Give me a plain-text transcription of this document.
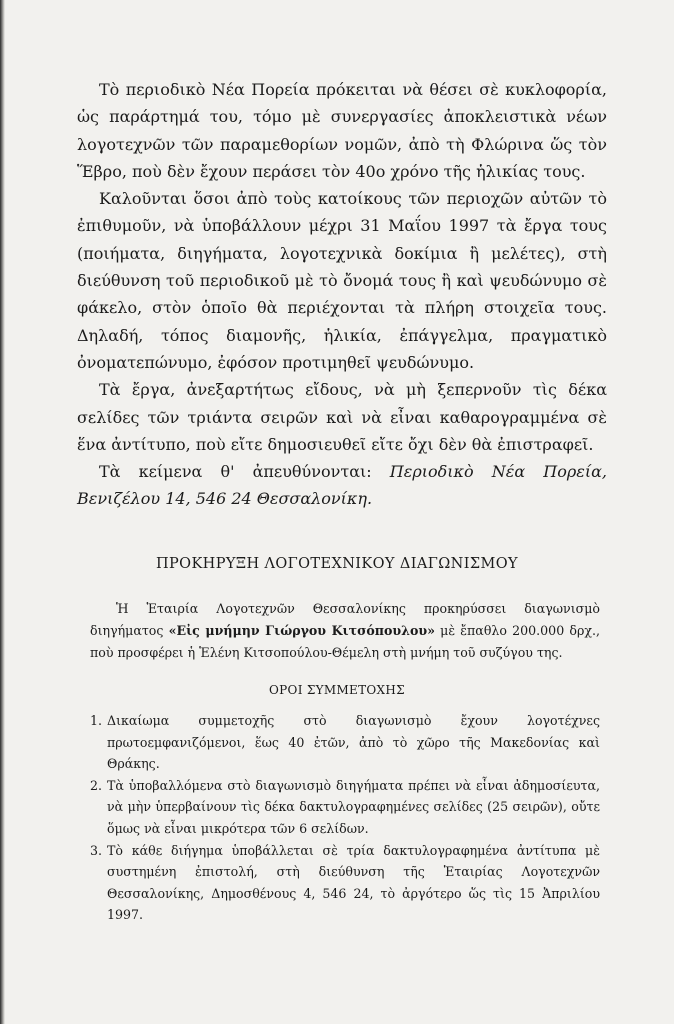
Τὸ περιοδικὸ Νέα Πορεία πρόκειται νὰ θέσει σὲ κυκλοφορία, ὡς παράρτημά του, τόμο μὲ συνεργασίες ἀποκλειστικὰ νέων λογοτεχνῶν τῶν παραμεθορίων νομῶν, ἀπὸ τὴ Φλώρινα ὥς τὸν Ἕβρο, ποὺ δὲν ἔχουν περάσει τὸν 40ο χρόνο τῆς ἡλικίας τους.

Καλοῦνται ὅσοι ἀπὸ τοὺς κατοίκους τῶν περιοχῶν αὐτῶν τὸ ἐπιθυμοῦν, νὰ ὑποβάλλουν μέχρι 31 Μαΐου 1997 τὰ ἔργα τους (ποιήματα, διηγήματα, λογοτεχνικὰ δοκίμια ἢ μελέτες), στὴ διεύθυνση τοῦ περιοδικοῦ μὲ τὸ ὄνομά τους ἢ καὶ ψευδώνυμο σὲ φάκελο, στὸν ὁποῖο θὰ περιέχονται τὰ πλήρη στοιχεῖα τους. Δηλαδή, τόπος διαμονῆς, ἡλικία, ἐπάγγελμα, πραγματικὸ ὀνοματεπώνυμο, ἐφόσον προτιμηθεῖ ψευδώνυμο.

Τὰ ἔργα, ἀνεξαρτήτως εἴδους, νὰ μὴ ξεπερνοῦν τὶς δέκα σελίδες τῶν τριάντα σειρῶν καὶ νὰ εἶναι καθαρογραμμένα σὲ ἕνα ἀντίτυπο, ποὺ εἴτε δημοσιευθεῖ εἴτε ὄχι δὲν θὰ ἐπιστραφεῖ.

Τὰ κείμενα θ' ἀπευθύνονται: Περιοδικὸ Νέα Πορεία, Βενιζέλου 14, 546 24 Θεσσαλονίκη.

ΠΡΟΚΗΡΥΞΗ ΛΟΓΟΤΕΧΝΙΚΟΥ ΔΙΑΓΩΝΙΣΜΟΥ

Ἡ Ἑταιρία Λογοτεχνῶν Θεσσαλονίκης προκηρύσσει διαγωνισμὸ διηγήματος «Εἰς μνήμην Γιώργου Κιτσόπουλου» μὲ ἔπαθλο 200.000 δρχ., ποὺ προσφέρει ἡ Ἑλένη Κιτσοπούλου-Θέμελη στὴ μνήμη τοῦ συζύγου της.

ΟΡΟΙ ΣΥΜΜΕΤΟΧΗΣ
1. Δικαίωμα συμμετοχῆς στὸ διαγωνισμὸ ἔχουν λογοτέχνες πρωτοεμφανιζόμενοι, ἕως 40 ἐτῶν, ἀπὸ τὸ χῶρο τῆς Μακεδονίας καὶ Θράκης.
2. Τὰ ὑποβαλλόμενα στὸ διαγωνισμὸ διηγήματα πρέπει νὰ εἶναι ἀδημοσίευτα, νὰ μὴν ὑπερβαίνουν τὶς δέκα δακτυλογραφημένες σελίδες (25 σειρῶν), οὔτε ὅμως νὰ εἶναι μικρότερα τῶν 6 σελίδων.
3. Τὸ κάθε διήγημα ὑποβάλλεται σὲ τρία δακτυλογραφημένα ἀντίτυπα μὲ συστημένη ἐπιστολή, στὴ διεύθυνση τῆς Ἑταιρίας Λογοτεχνῶν Θεσσαλονίκης, Δημοσθένους 4, 546 24, τὸ ἀργότερο ὥς τὶς 15 Ἀπριλίου 1997.
